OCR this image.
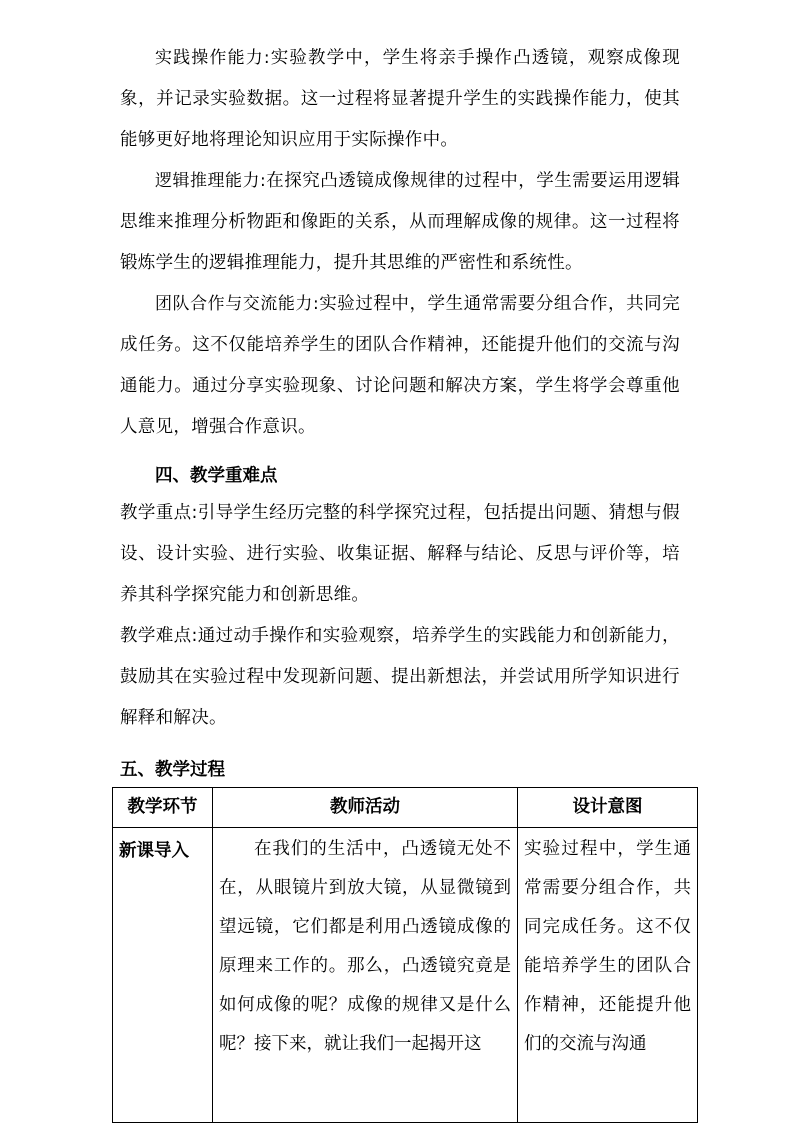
实践操作能力:实验教学中，学生将亲手操作凸透镜，观察成像现象，并记录实验数据。这一过程将显著提升学生的实践操作能力，使其能够更好地将理论知识应用于实际操作中。

逻辑推理能力:在探究凸透镜成像规律的过程中，学生需要运用逻辑思维来推理分析物距和像距的关系，从而理解成像的规律。这一过程将锻炼学生的逻辑推理能力，提升其思维的严密性和系统性。

团队合作与交流能力:实验过程中，学生通常需要分组合作，共同完成任务。这不仅能培养学生的团队合作精神，还能提升他们的交流与沟通能力。通过分享实验现象、讨论问题和解决方案，学生将学会尊重他人意见，增强合作意识。

四、教学重难点

教学重点:引导学生经历完整的科学探究过程，包括提出问题、猜想与假设、设计实验、进行实验、收集证据、解释与结论、反思与评价等，培养其科学探究能力和创新思维。

教学难点:通过动手操作和实验观察，培养学生的实践能力和创新能力，鼓励其在实验过程中发现新问题、提出新想法，并尝试用所学知识进行解释和解决。

五、教学过程
教学环节	教师活动	设计意图
新课导入	在我们的生活中，凸透镜无处不在，从眼镜片到放大镜，从显微镜到望远镜，它们都是利用凸透镜成像的原理来工作的。那么，凸透镜究竟是如何成像的呢？成像的规律又是什么呢？接下来，就让我们一起揭开这	实验过程中，学生通常需要分组合作，共同完成任务。这不仅能培养学生的团队合作精神，还能提升他们的交流与沟通
